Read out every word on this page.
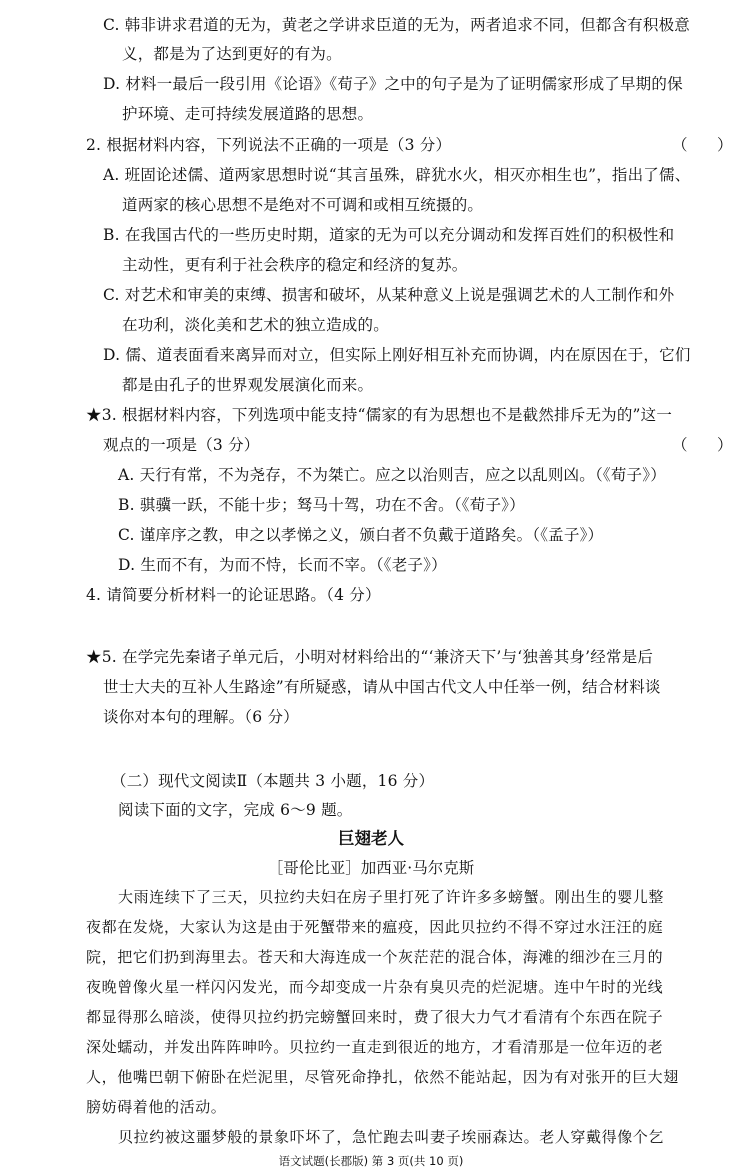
C. 韩非讲求君道的无为，黄老之学讲求臣道的无为，两者追求不同，但都含有积极意
义，都是为了达到更好的有为。
D. 材料一最后一段引用《论语》《荀子》之中的句子是为了证明儒家形成了早期的保
护环境、走可持续发展道路的思想。
2. 根据材料内容，下列说法不正确的一项是（3 分）	（      ）
A. 班固论述儒、道两家思想时说“其言虽殊，辟犹水火，相灭亦相生也”，指出了儒、
道两家的核心思想不是绝对不可调和或相互统摄的。
B. 在我国古代的一些历史时期，道家的无为可以充分调动和发挥百姓们的积极性和
主动性，更有利于社会秩序的稳定和经济的复苏。
C. 对艺术和审美的束缚、损害和破坏，从某种意义上说是强调艺术的人工制作和外
在功利，淡化美和艺术的独立造成的。
D. 儒、道表面看来离异而对立，但实际上刚好相互补充而协调，内在原因在于，它们
都是由孔子的世界观发展演化而来。
★3. 根据材料内容，下列选项中能支持“儒家的有为思想也不是截然排斥无为的”这一
观点的一项是（3 分）	（      ）
A. 天行有常，不为尧存，不为桀亡。应之以治则吉，应之以乱则凶。（《荀子》）
B. 骐骥一跃，不能十步；驽马十驾，功在不舍。（《荀子》）
C. 谨庠序之教，申之以孝悌之义，颁白者不负戴于道路矣。（《孟子》）
D. 生而不有，为而不恃，长而不宰。（《老子》）
4. 请简要分析材料一的论证思路。（4 分）
★5. 在学完先秦诸子单元后，小明对材料给出的“‘兼济天下’与‘独善其身’经常是后
世士大夫的互补人生路途”有所疑惑，请从中国古代文人中任举一例，结合材料谈
谈你对本句的理解。（6 分）
（二）现代文阅读Ⅱ（本题共 3 小题，16 分）
阅读下面的文字，完成 6～9 题。
巨翅老人
［哥伦比亚］加西亚·马尔克斯
大雨连续下了三天，贝拉约夫妇在房子里打死了许许多多螃蟹。刚出生的婴儿整
夜都在发烧，大家认为这是由于死蟹带来的瘟疫，因此贝拉约不得不穿过水汪汪的庭
院，把它们扔到海里去。苍天和大海连成一个灰茫茫的混合体，海滩的细沙在三月的
夜晚曾像火星一样闪闪发光，而今却变成一片杂有臭贝壳的烂泥塘。连中午时的光线
都显得那么暗淡，使得贝拉约扔完螃蟹回来时，费了很大力气才看清有个东西在院子
深处蠕动，并发出阵阵呻吟。贝拉约一直走到很近的地方，才看清那是一位年迈的老
人，他嘴巴朝下俯卧在烂泥里，尽管死命挣扎，依然不能站起，因为有对张开的巨大翅
膀妨碍着他的活动。
贝拉约被这噩梦般的景象吓坏了，急忙跑去叫妻子埃丽森达。老人穿戴得像个乞
语文试题(长郡版) 第 3 页(共 10 页)
